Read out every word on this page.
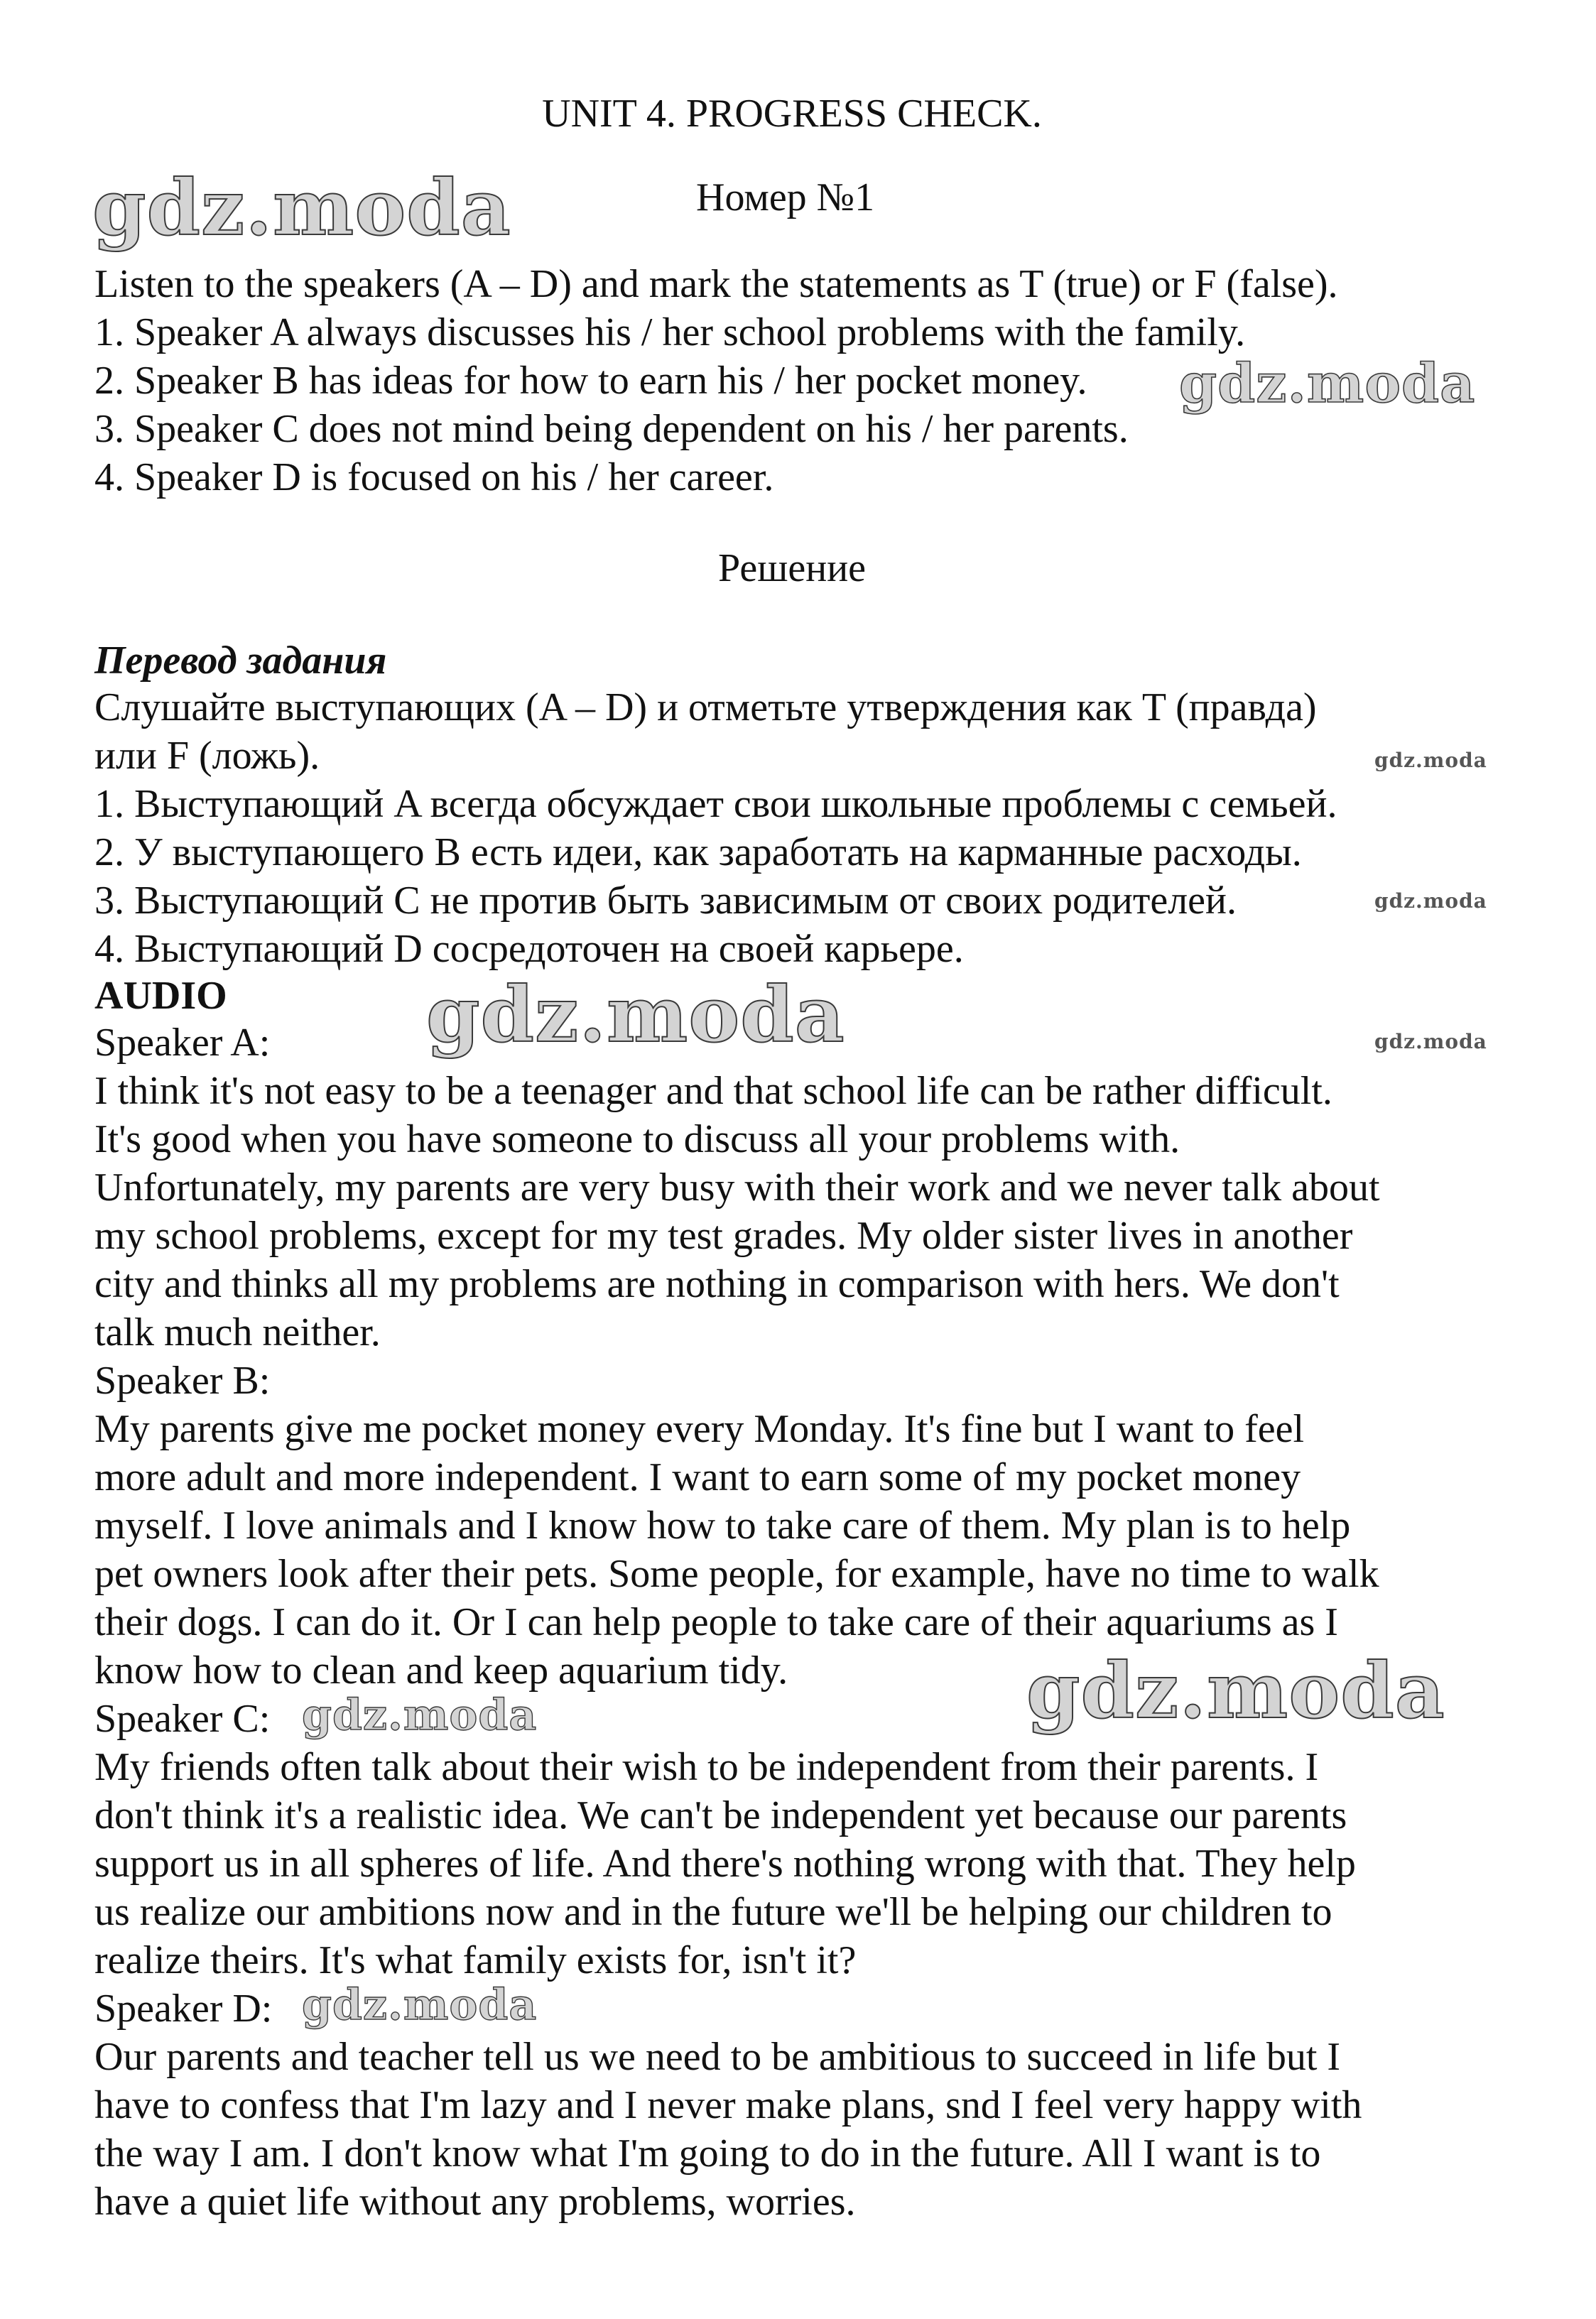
UNIT 4. PROGRESS CHECK.
Номер №1
Listen to the speakers (A – D) and mark the statements as T (true) or F (false).
1. Speaker A always discusses his / her school problems with the family.
2. Speaker B has ideas for how to earn his / her pocket money.
3. Speaker C does not mind being dependent on his / her parents.
4. Speaker D is focused on his / her career.
Решение
Перевод задания
Слушайте выступающих (A – D) и отметьте утверждения как T (правда)
или F (ложь).
1. Выступающий A всегда обсуждает свои школьные проблемы с семьей.
2. У выступающего B есть идеи, как заработать на карманные расходы.
3. Выступающий C не против быть зависимым от своих родителей.
4. Выступающий D сосредоточен на своей карьере.
AUDIO
Speaker A:
I think it's not easy to be a teenager and that school life can be rather difficult.
It's good when you have someone to discuss all your problems with.
Unfortunately, my parents are very busy with their work and we never talk about
my school problems, except for my test grades. My older sister lives in another
city and thinks all my problems are nothing in comparison with hers. We don't
talk much neither.
Speaker B:
My parents give me pocket money every Monday. It's fine but I want to feel
more adult and more independent. I want to earn some of my pocket money
myself. I love animals and I know how to take care of them. My plan is to help
pet owners look after their pets. Some people, for example, have no time to walk
their dogs. I can do it. Or I can help people to take care of their aquariums as I
know how to clean and keep aquarium tidy.
Speaker C:
My friends often talk about their wish to be independent from their parents. I
don't think it's a realistic idea. We can't be independent yet because our parents
support us in all spheres of life. And there's nothing wrong with that. They help
us realize our ambitions now and in the future we'll be helping our children to
realize theirs. It's what family exists for, isn't it?
Speaker D:
Our parents and teacher tell us we need to be ambitious to succeed in life but I
have to confess that I'm lazy and I never make plans, snd I feel very happy with
the way I am. I don't know what I'm going to do in the future. All I want is to
have a quiet life without any problems, worries.
gdz.moda
gdz.moda
gdz.moda
gdz.moda
gdz.moda	gdz.moda
gdz.moda
gdz.moda
gdz.moda
